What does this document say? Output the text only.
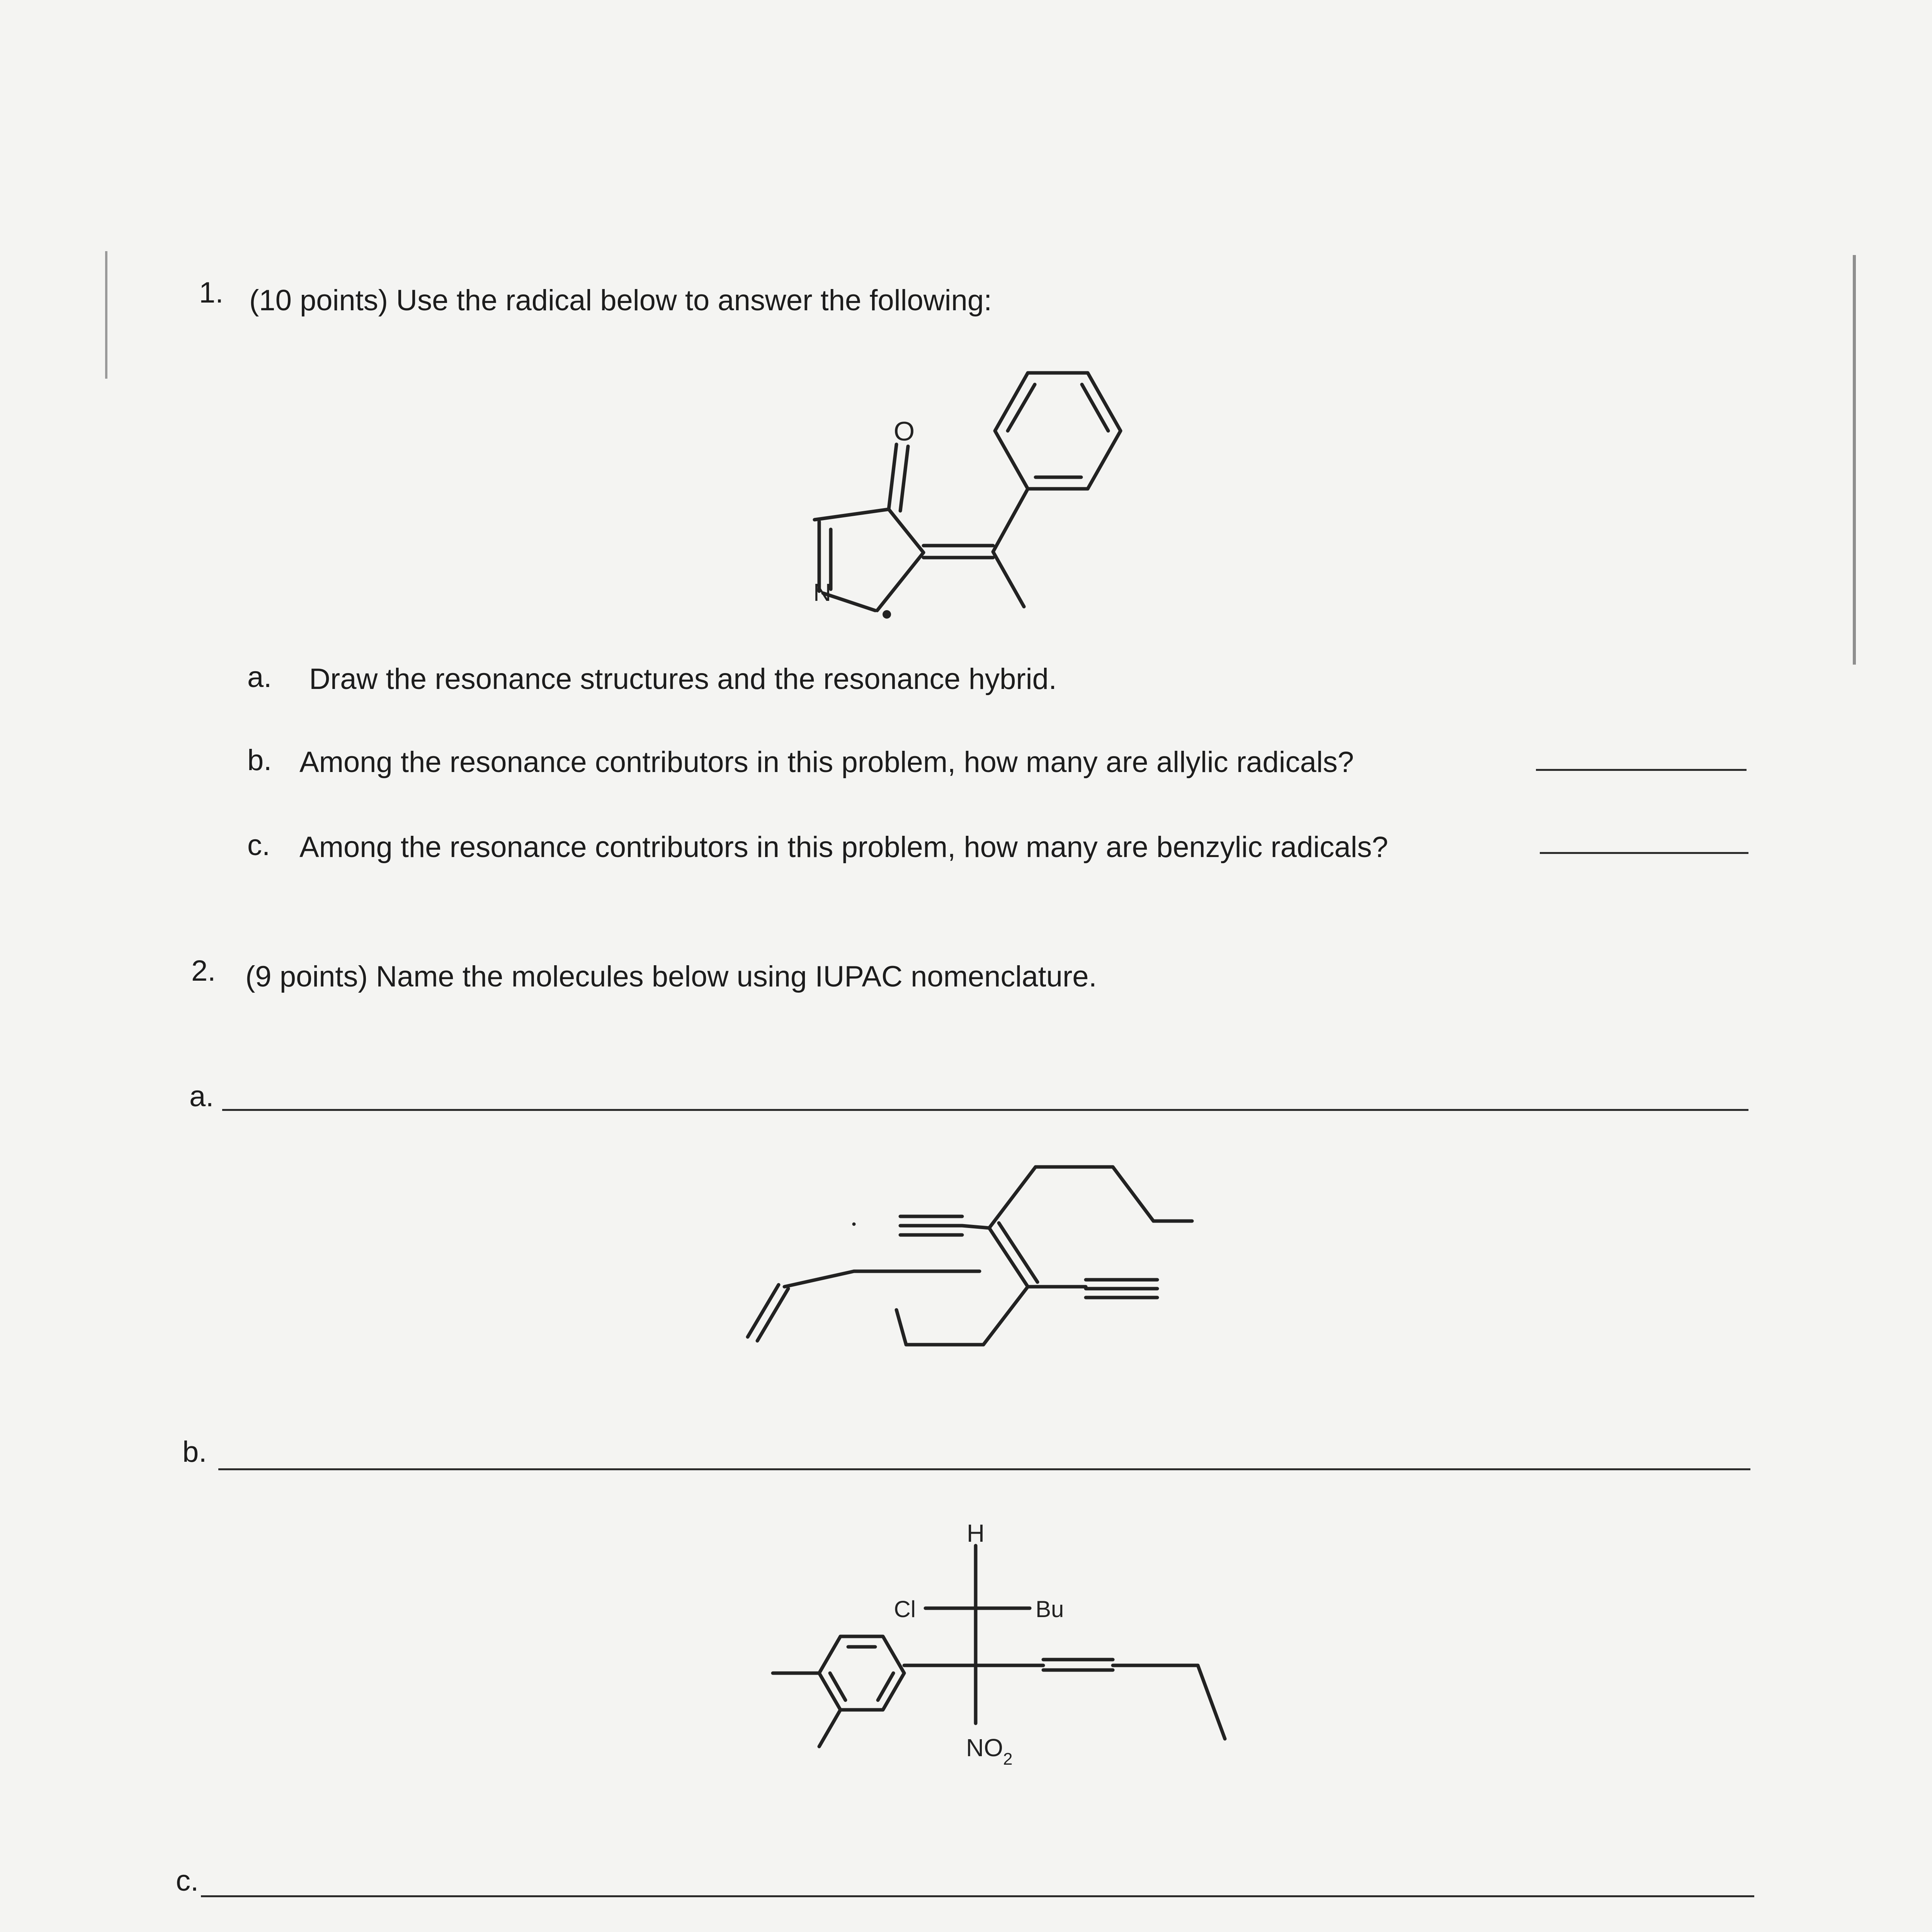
1. (10 points) Use the radical below to answer the following:
a. Draw the resonance structures and the resonance hybrid.
b. Among the resonance contributors in this problem, how many are allylic radicals?
c. Among the resonance contributors in this problem, how many are benzylic radicals?
2. (9 points) Name the molecules below using IUPAC nomenclature.
a.
b.
c.
O
N
H
Cl	Bu
$NO_2$
